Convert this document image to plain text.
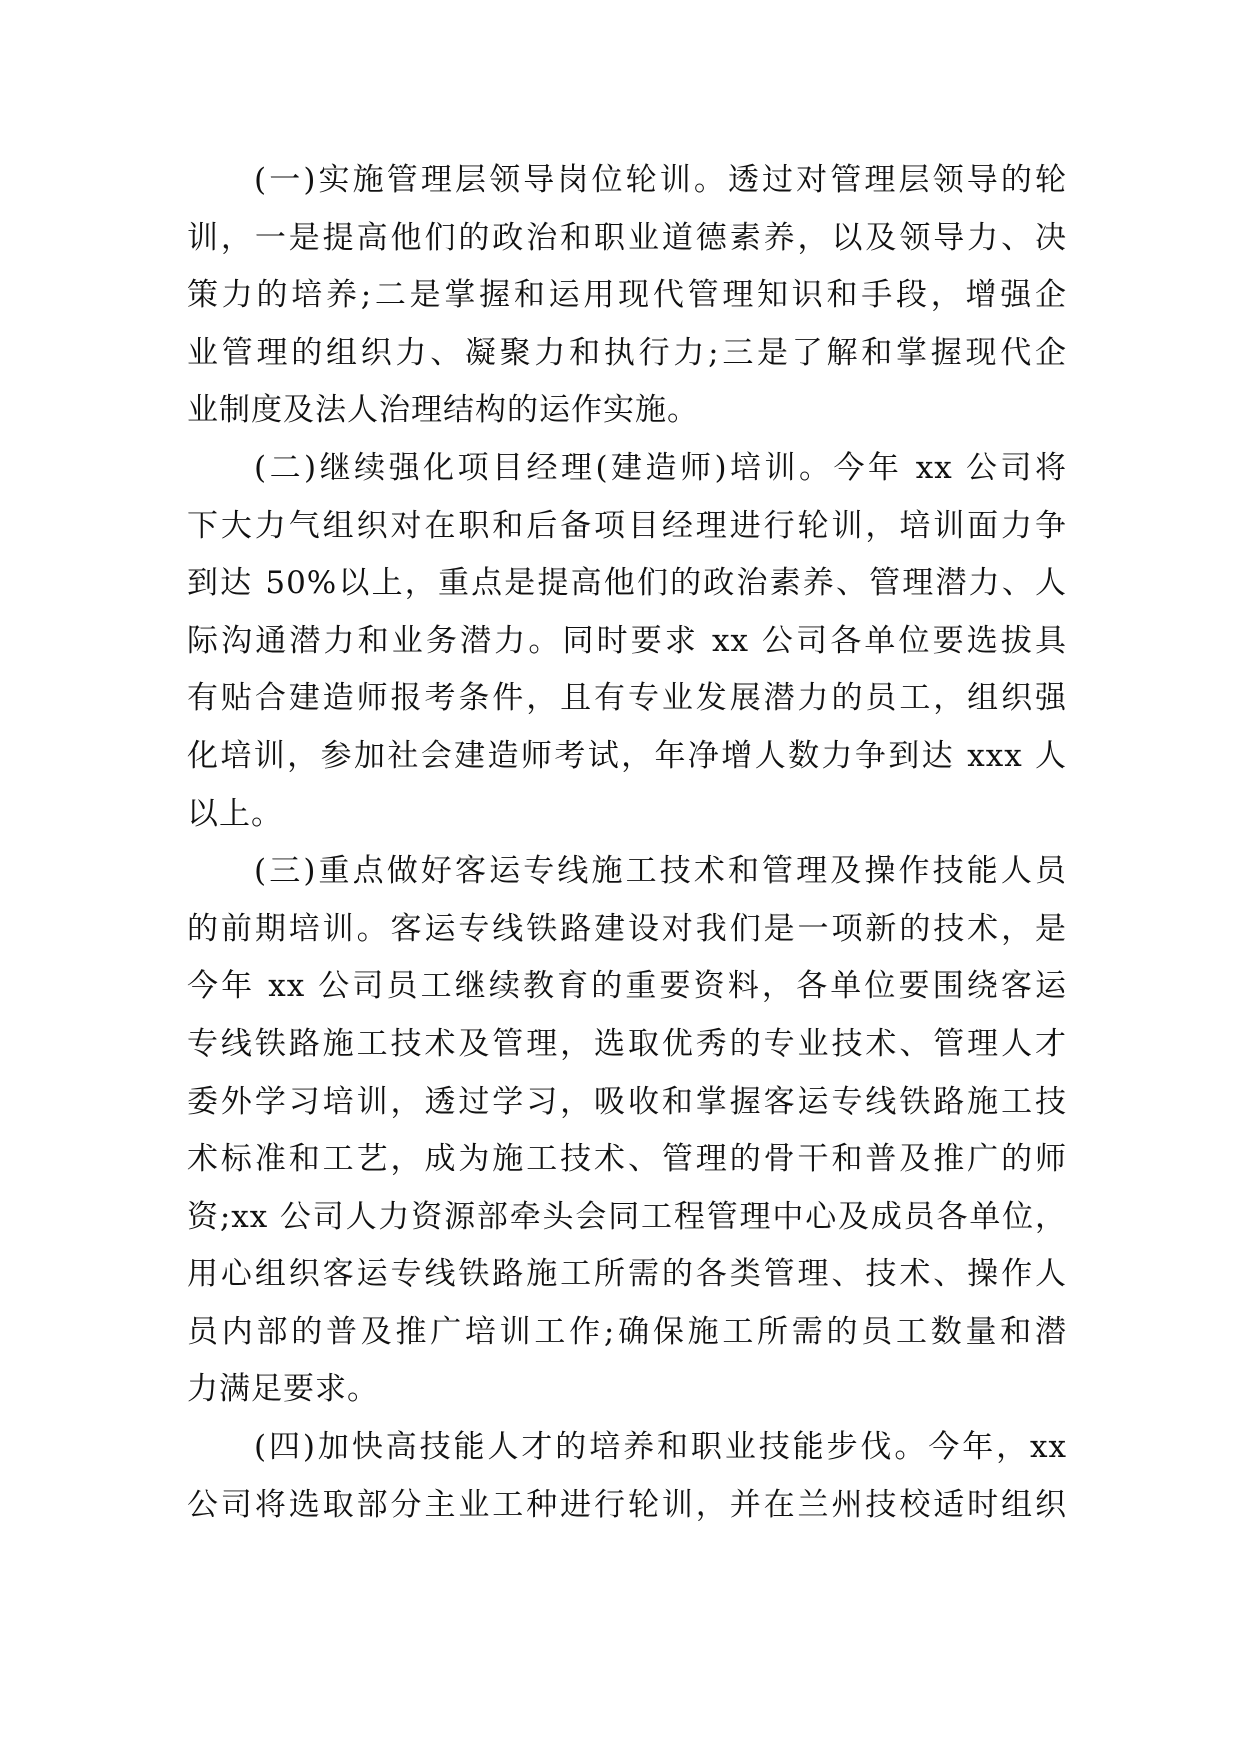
(一)实施管理层领导岗位轮训。透过对管理层领导的轮
训，一是提高他们的政治和职业道德素养，以及领导力、决
策力的培养;二是掌握和运用现代管理知识和手段，增强企
业管理的组织力、凝聚力和执行力;三是了解和掌握现代企
业制度及法人治理结构的运作实施。
(二)继续强化项目经理(建造师)培训。今年 xx 公司将
下大力气组织对在职和后备项目经理进行轮训，培训面力争
到达 50%以上，重点是提高他们的政治素养、管理潜力、人
际沟通潜力和业务潜力。同时要求 xx 公司各单位要选拔具
有贴合建造师报考条件，且有专业发展潜力的员工，组织强
化培训，参加社会建造师考试，年净增人数力争到达 xxx 人
以上。
(三)重点做好客运专线施工技术和管理及操作技能人员
的前期培训。客运专线铁路建设对我们是一项新的技术，是
今年 xx 公司员工继续教育的重要资料，各单位要围绕客运
专线铁路施工技术及管理，选取优秀的专业技术、管理人才
委外学习培训，透过学习，吸收和掌握客运专线铁路施工技
术标准和工艺，成为施工技术、管理的骨干和普及推广的师
资;xx 公司人力资源部牵头会同工程管理中心及成员各单位，
用心组织客运专线铁路施工所需的各类管理、技术、操作人
员内部的普及推广培训工作;确保施工所需的员工数量和潜
力满足要求。
(四)加快高技能人才的培养和职业技能步伐。今年，xx
公司将选取部分主业工种进行轮训，并在兰州技校适时组织
